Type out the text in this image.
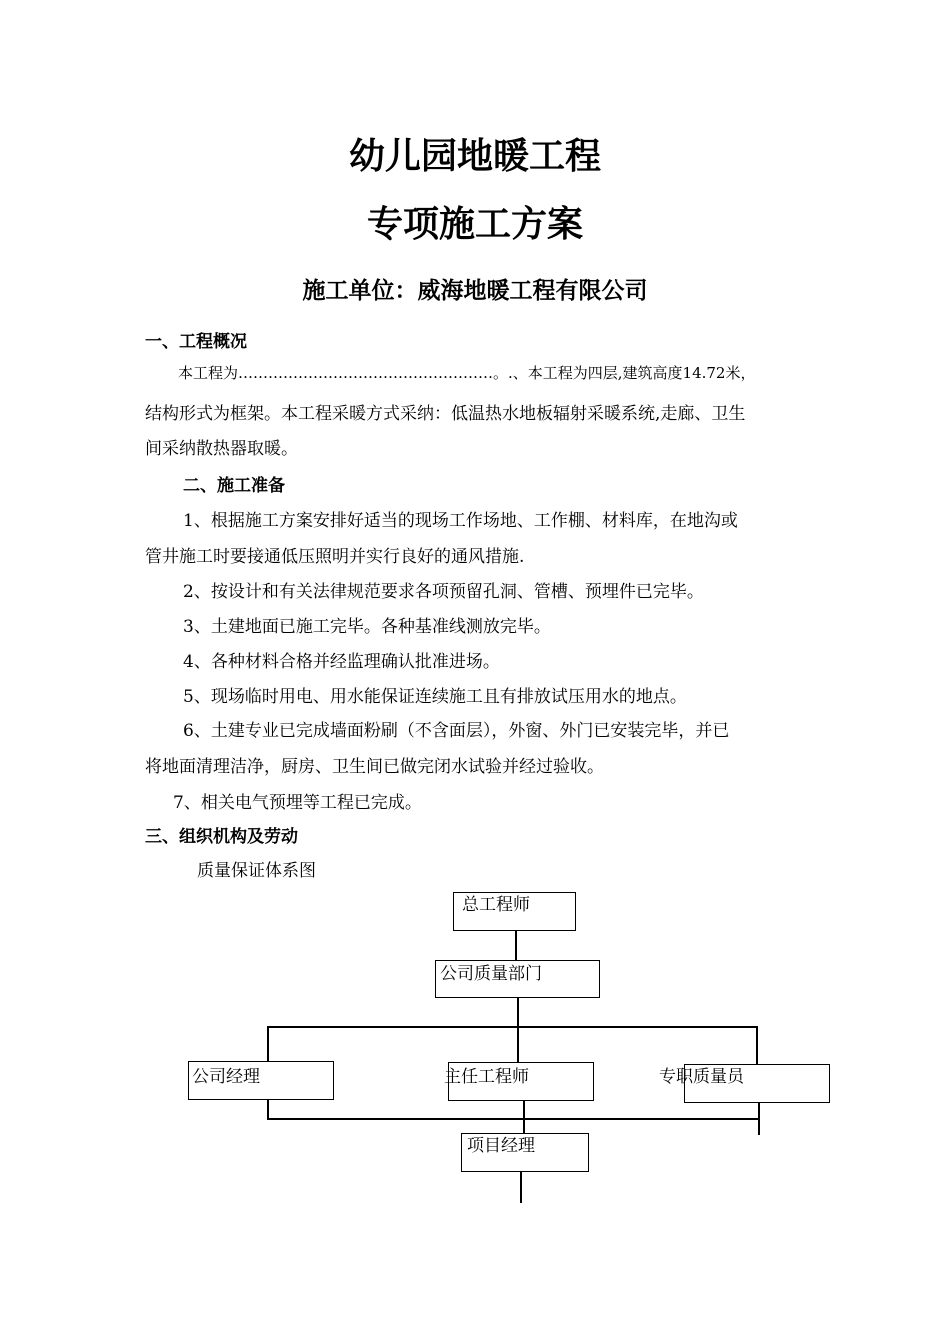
幼儿园地暖工程
专项施工方案
施工单位：威海地暖工程有限公司
一、工程概况
本工程为……………………………………………。.、本工程为四层,建筑高度14.72米，
结构形式为框架。本工程采暖方式采纳：低温热水地板辐射采暖系统,走廊、卫生
间采纳散热器取暖。
二、施工准备
1、根据施工方案安排好适当的现场工作场地、工作棚、材料库，在地沟或
管井施工时要接通低压照明并实行良好的通风措施.
2、按设计和有关法律规范要求各项预留孔洞、管槽、预埋件已完毕。
3、土建地面已施工完毕。各种基准线测放完毕。
4、各种材料合格并经监理确认批准进场。
5、现场临时用电、用水能保证连续施工且有排放试压用水的地点。
6、土建专业已完成墙面粉刷（不含面层），外窗、外门已安装完毕，并已
将地面清理洁净，厨房、卫生间已做完闭水试验并经过验收。
7、相关电气预埋等工程已完成。
三、组织机构及劳动
质量保证体系图
总工程师
公司质量部门
公司经理	主任工程师	专职质量员
项目经理
